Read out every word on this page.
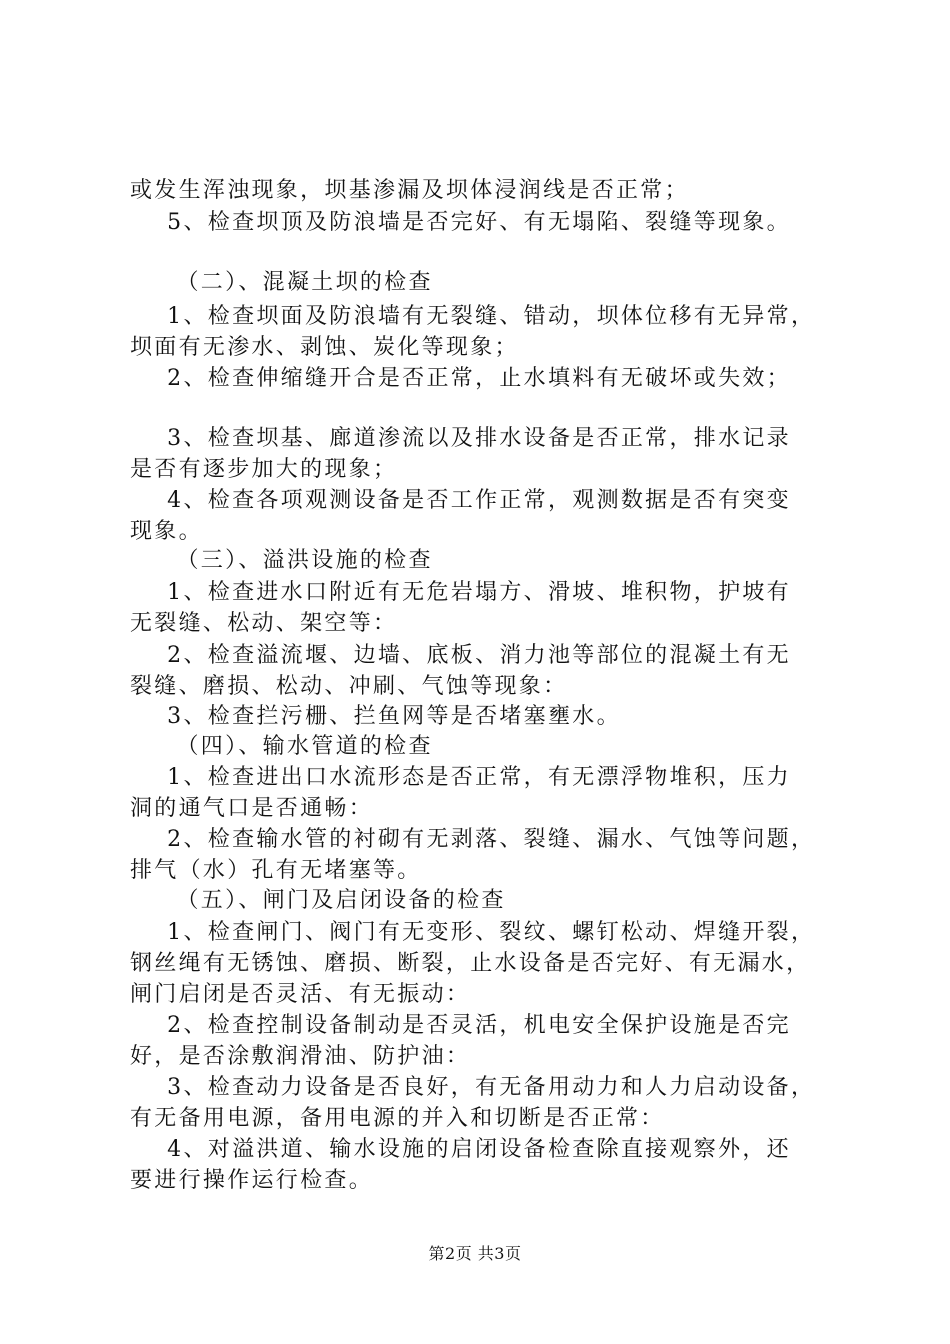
或发生浑浊现象，坝基渗漏及坝体浸润线是否正常；
5、检查坝顶及防浪墙是否完好、有无塌陷、裂缝等现象。
（二）、混凝土坝的检查
1、检查坝面及防浪墙有无裂缝、错动，坝体位移有无异常，
坝面有无渗水、剥蚀、炭化等现象；
2、检查伸缩缝开合是否正常，止水填料有无破坏或失效；
3、检查坝基、廊道渗流以及排水设备是否正常，排水记录
是否有逐步加大的现象；
4、检查各项观测设备是否工作正常，观测数据是否有突变
现象。
（三）、溢洪设施的检查
1、检查进水口附近有无危岩塌方、滑坡、堆积物，护坡有
无裂缝、松动、架空等：
2、检查溢流堰、边墙、底板、消力池等部位的混凝土有无
裂缝、磨损、松动、冲刷、气蚀等现象：
3、检查拦污栅、拦鱼网等是否堵塞壅水。
（四）、输水管道的检查
1、检查进出口水流形态是否正常，有无漂浮物堆积，压力
洞的通气口是否通畅：
2、检查输水管的衬砌有无剥落、裂缝、漏水、气蚀等问题，
排气（水）孔有无堵塞等。
（五）、闸门及启闭设备的检查
1、检查闸门、阀门有无变形、裂纹、螺钉松动、焊缝开裂，
钢丝绳有无锈蚀、磨损、断裂，止水设备是否完好、有无漏水，
闸门启闭是否灵活、有无振动：
2、检查控制设备制动是否灵活，机电安全保护设施是否完
好，是否涂敷润滑油、防护油：
3、检查动力设备是否良好，有无备用动力和人力启动设备，
有无备用电源，备用电源的并入和切断是否正常：
4、对溢洪道、输水设施的启闭设备检查除直接观察外，还
要进行操作运行检查。
第2页 共3页
